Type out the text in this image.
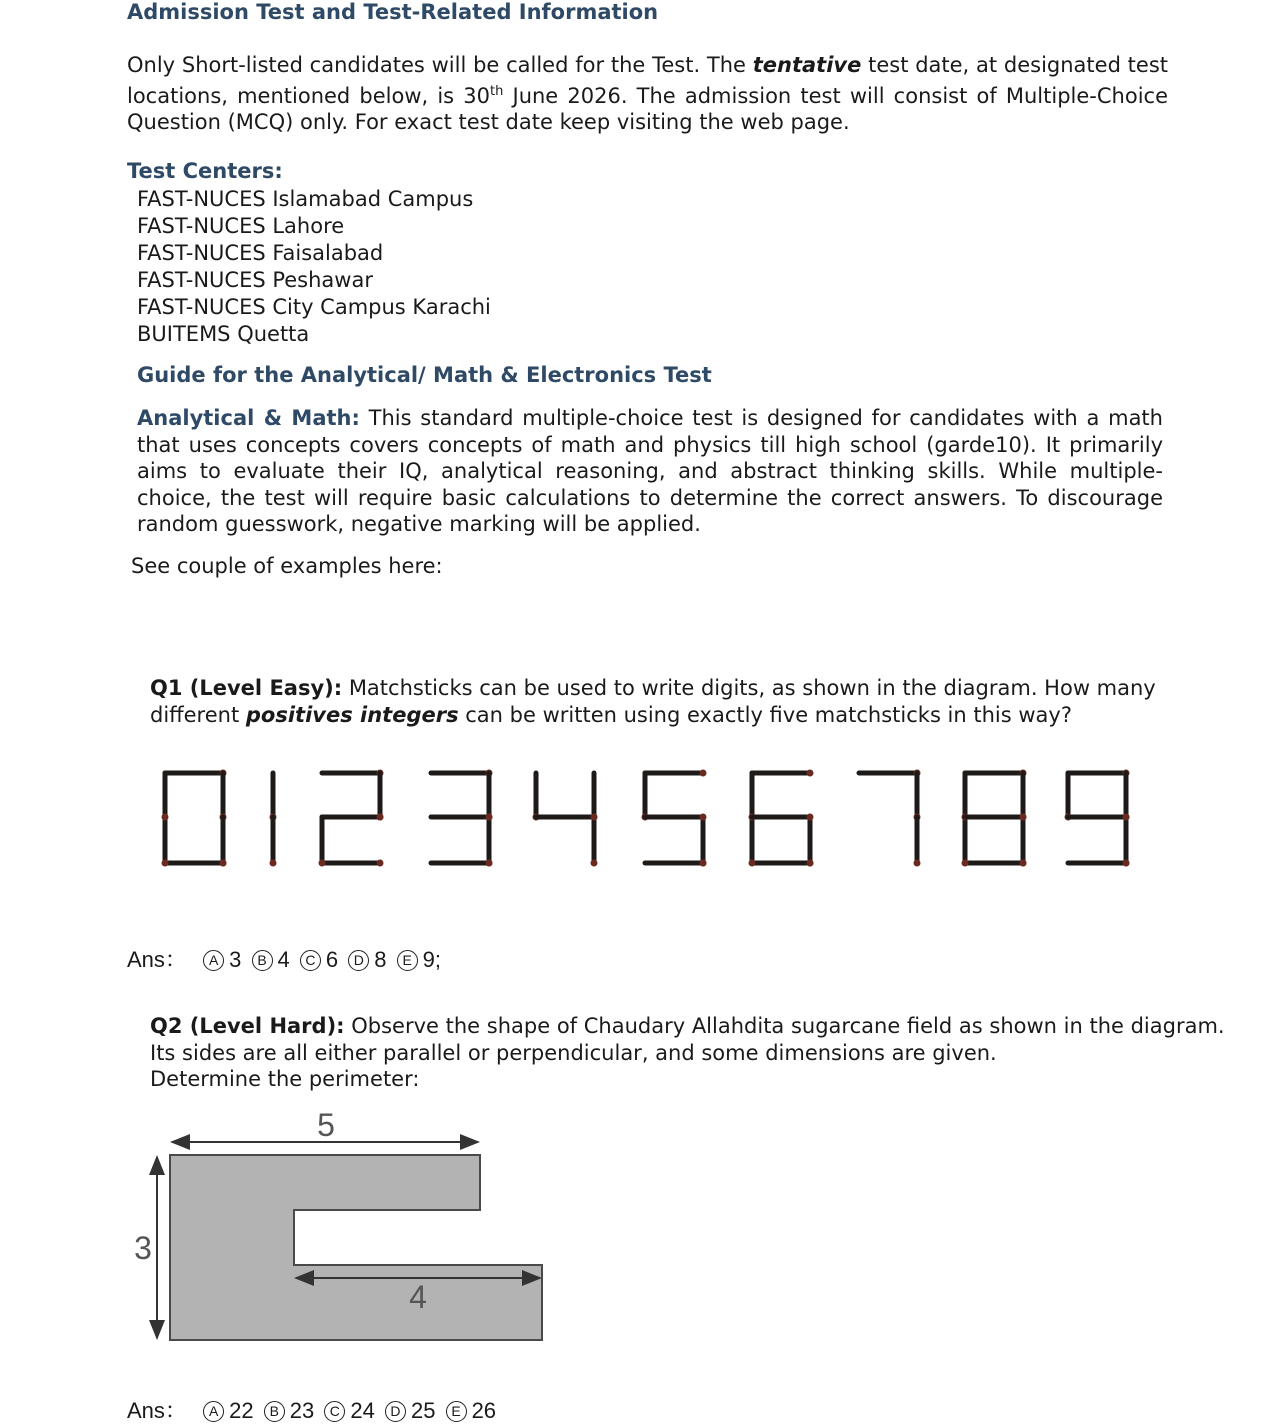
Admission Test and Test-Related Information
Only Short-listed candidates will be called for the Test. The tentative test date, at designated test locations, mentioned below, is 30th June 2026. The admission test will consist of Multiple-Choice Question (MCQ) only. For exact test date keep visiting the web page.
Test Centers:
FAST-NUCES Islamabad Campus
FAST-NUCES Lahore
FAST-NUCES Faisalabad
FAST-NUCES Peshawar
FAST-NUCES City Campus Karachi
BUITEMS Quetta
Guide for the Analytical/ Math & Electronics Test
Analytical & Math: This standard multiple-choice test is designed for candidates with a math that uses concepts covers concepts of math and physics till high school (garde10). It primarily aims to evaluate their IQ, analytical reasoning, and abstract thinking skills. While multiple-choice, the test will require basic calculations to determine the correct answers. To discourage random guesswork, negative marking will be applied.
See couple of examples here:
Q1 (Level Easy): Matchsticks can be used to write digits, as shown in the diagram. How many different positives integers can be written using exactly five matchsticks in this way?
Ans： A 3 B 4 C 6 D 8 E 9;
Q2 (Level Hard): Observe the shape of Chaudary Allahdita sugarcane field as shown in the diagram.
Its sides are all either parallel or perpendicular, and some dimensions are given.
Determine the perimeter:
5
3
4
Ans： A 22 B 23 C 24 D 25 E 26
